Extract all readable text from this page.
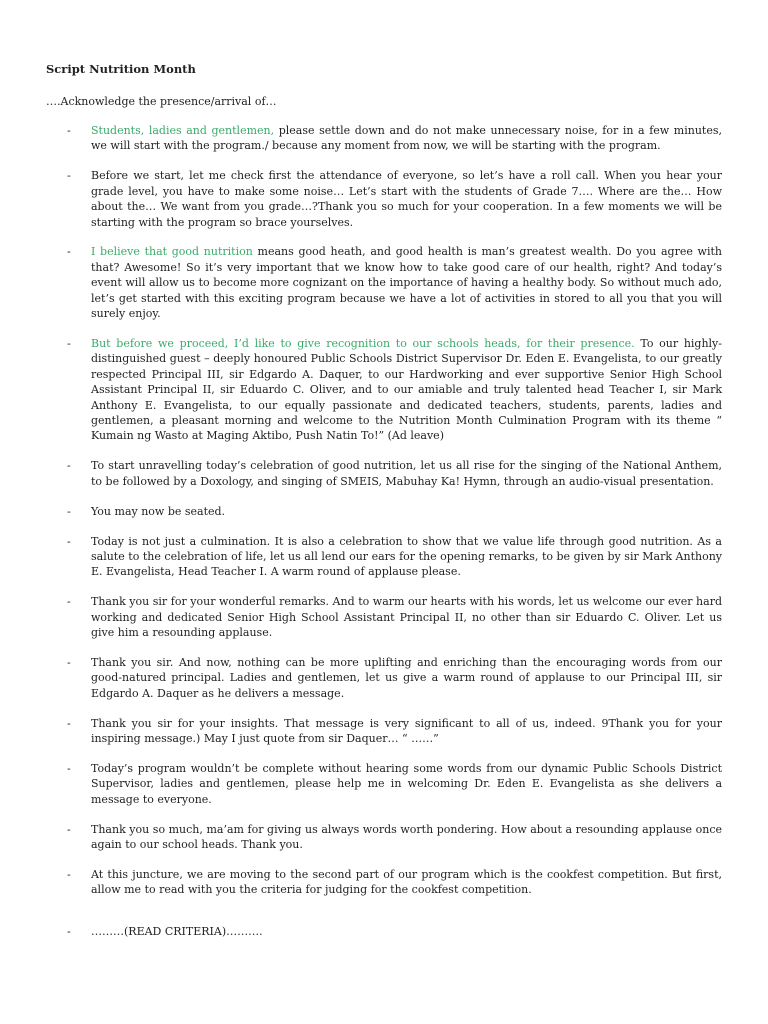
Script Nutrition Month
….Acknowledge the presence/arrival of…
- Students, ladies and gentlemen, please settle down and do not make unnecessary noise, for in a few minutes, we will start with the program./ because any moment from now, we will be starting with the program.
- Before we start, let me check first the attendance of everyone, so let’s have a roll call. When you hear your grade level, you have to make some noise… Let’s start with the students of Grade 7…. Where are the… How about the… We want from you grade…?Thank you so much for your cooperation. In a few moments we will be starting with the program so brace yourselves.
- I believe that good nutrition means good heath, and good health is man’s greatest wealth. Do you agree with that? Awesome! So it’s very important that we know how to take good care of our health, right? And today’s event will allow us to become more cognizant on the importance of having a healthy body. So without much ado, let’s get started with this exciting program because we have a lot of activities in stored to all you that you will surely enjoy.
- But before we proceed, I’d like to give recognition to our schools heads, for their presence. To our highly-distinguished guest – deeply honoured Public Schools District Supervisor Dr. Eden E. Evangelista, to our greatly respected Principal III, sir Edgardo A. Daquer, to our Hardworking and ever supportive Senior High School Assistant Principal II, sir Eduardo C. Oliver, and to our amiable and truly talented head Teacher I, sir Mark Anthony E. Evangelista, to our equally passionate and dedicated teachers, students, parents, ladies and gentlemen, a pleasant morning and welcome to the Nutrition Month Culmination Program with its theme “ Kumain ng Wasto at Maging Aktibo, Push Natin To!” (Ad leave)
- To start unravelling today’s celebration of good nutrition, let us all rise for the singing of the National Anthem, to be followed by a Doxology, and singing of SMEIS, Mabuhay Ka! Hymn, through an audio-visual presentation.
- You may now be seated.
- Today is not just a culmination. It is also a celebration to show that we value life through good nutrition. As a salute to the celebration of life, let us all lend our ears for the opening remarks, to be given by sir Mark Anthony E. Evangelista, Head Teacher I. A warm round of applause please.
- Thank you sir for your wonderful remarks. And to warm our hearts with his words, let us welcome our ever hard working and dedicated Senior High School Assistant Principal II, no other than sir Eduardo C. Oliver. Let us give him a resounding applause.
- Thank you sir. And now, nothing can be more uplifting and enriching than the encouraging words from our good-natured principal. Ladies and gentlemen, let us give a warm round of applause to our Principal III, sir Edgardo A. Daquer as he delivers a message.
- Thank you sir for your insights. That message is very significant to all of us, indeed. 9Thank you for your inspiring message.) May I just quote from sir Daquer… “ ……”
- Today’s program wouldn’t be complete without hearing some words from our dynamic Public Schools District Supervisor, ladies and gentlemen, please help me in welcoming Dr. Eden E. Evangelista as she delivers a message to everyone.
- Thank you so much, ma’am for giving us always words worth pondering. How about a resounding applause once again to our school heads. Thank you.
- At this juncture, we are moving to the second part of our program which is the cookfest competition. But first, allow me to read with you the criteria for judging for the cookfest competition.
- ………(READ CRITERIA)……….
